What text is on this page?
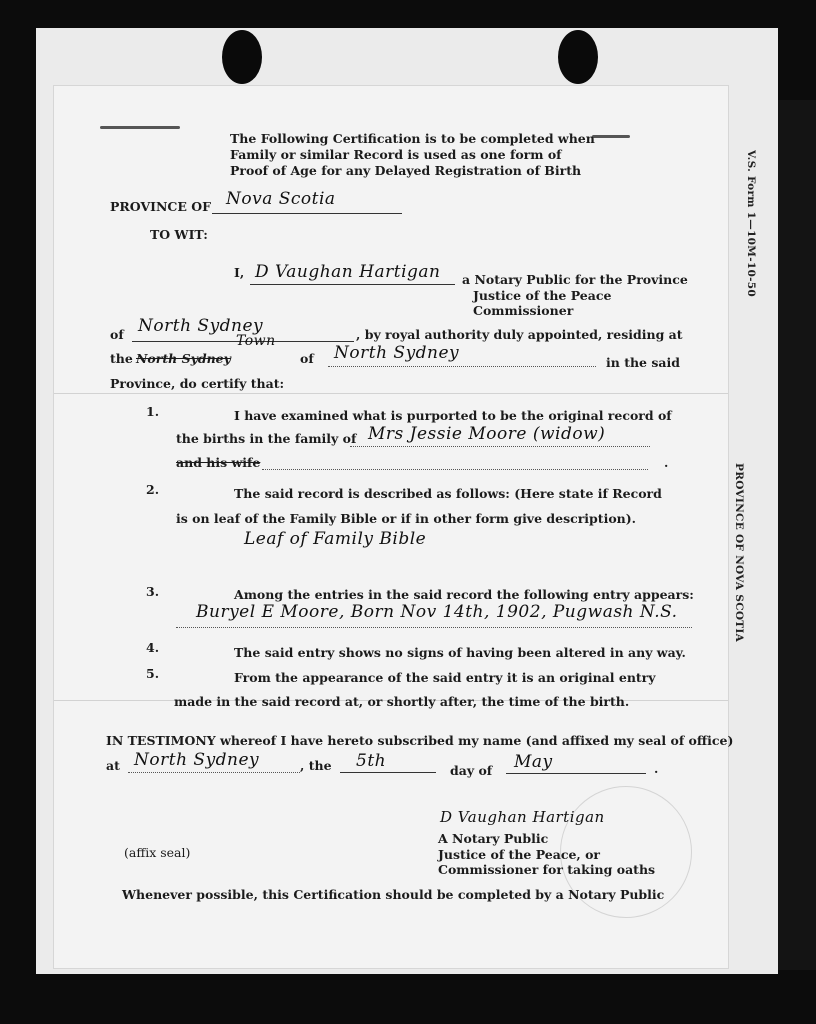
V.S. Form 1—10M-10-50
PROVINCE OF NOVA SCOTIA
The Following Certification is to be completed when
Family or similar Record is used as one form of
Proof of Age for any Delayed Registration of Birth
PROVINCE OF Nova Scotia
TO WIT:
I, D Vaughan Hartigan a Notary Public for the Province
Justice of the Peace
Commissioner
of North Sydney	, by royal authority duly appointed, residing at
the North Sydney
Town
of North Sydney	in the said
Province, do certify that:
1.	I have examined what is purported to be the original record of
the births in the family of Mrs Jessie Moore (widow)
and his wife	.
2.	The said record is described as follows: (Here state if Record
is on leaf of the Family Bible or if in other form give description).
Leaf of Family Bible
3.	Among the entries in the said record the following entry appears:
Buryel E Moore, Born Nov 14th, 1902, Pugwash N.S.
4.	The said entry shows no signs of having been altered in any way.
5.	From the appearance of the said entry it is an original entry
made in the said record at, or shortly after, the time of the birth.
IN TESTIMONY whereof I have hereto subscribed my name (and affixed my seal of office)
at North Sydney	, the 5th	day of May	.
D Vaughan Hartigan
A Notary Public
Justice of the Peace, or
Commissioner for taking oaths
(affix seal)
Whenever possible, this Certification should be completed by a Notary Public
